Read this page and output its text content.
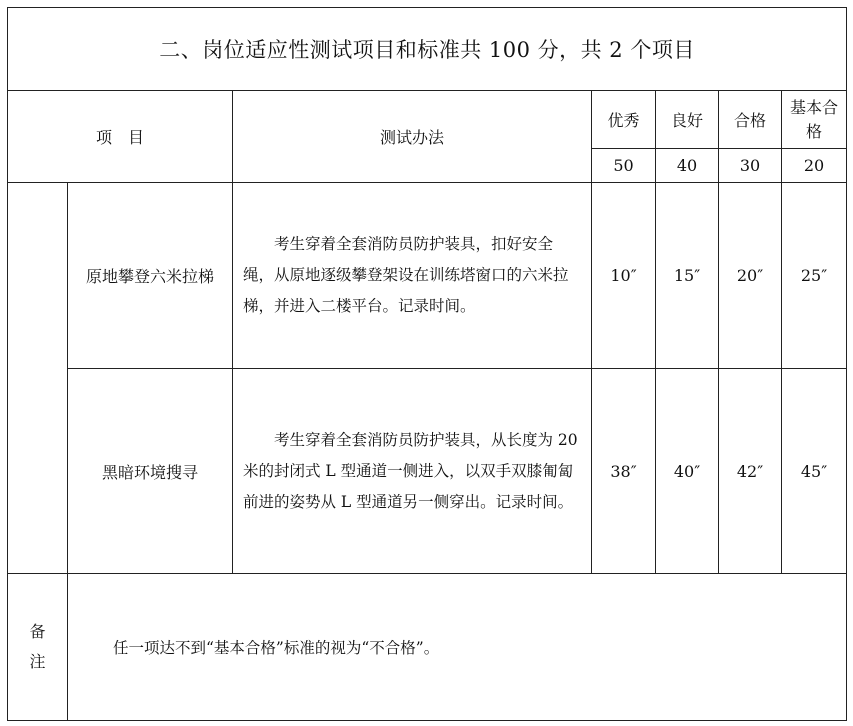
二、岗位适应性测试项目和标准共 100 分，共 2 个项目						
项　目		测试办法	优秀	良好	合格	基本合格
			50	40	30	20
	原地攀登六米拉梯	考生穿着全套消防员防护装具，扣好安全绳，从原地逐级攀登架设在训练塔窗口的六米拉梯，并进入二楼平台。记录时间。	10″	15″	20″	25″
	黑暗环境搜寻	考生穿着全套消防员防护装具，从长度为 20 米的封闭式 L 型通道一侧进入，以双手双膝匍匐前进的姿势从 L 型通道另一侧穿出。记录时间。	38″	40″	42″	45″

备
注	任一项达不到“基本合格”标准的视为“不合格”。					
